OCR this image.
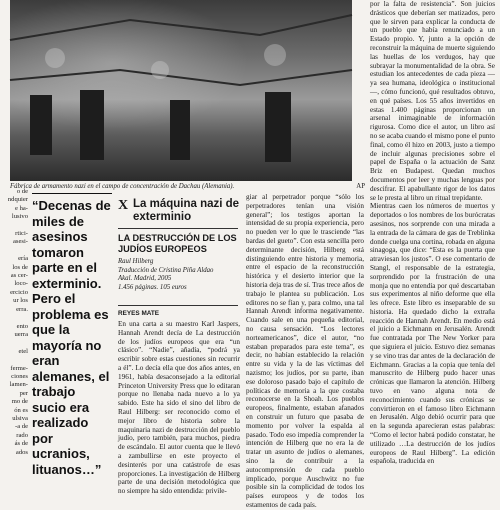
o de
ndquier
e ha-
lusivo

rtici-
asesi-

ería
los de
as cer-
loco-
ercicio
ur los
erra.

ento
uerra

etel

ferme-
ciones
lamen-
per
mo de
ón es
ulsiva
-a de
rado
ás de
ados
Fábrica de armamento nazi en el campo de concentración de Dachau (Alemania).	AP
“Decenas de miles de asesinos tomaron parte en el exterminio. Pero el problema es que la mayoría no eran alemanes, el trabajo sucio era realizado por ucranios, lituanos…”
X La máquina nazi de exterminio
LA DESTRUCCIÓN DE LOS JUDÍOS EUROPEOS
Raul Hilberg
Traducción de Cristina Piña Aldao
Akal. Madrid, 2005
1.456 páginas. 105 euros
REYES MATE

En una carta a su maestro Karl Jaspers, Hannah Arendt decía de La destrucción de los judíos europeos que era “un clásico”. “Nadie”, añadía, “podrá ya escribir sobre estas cuestiones sin recurrir a él”. Lo decía ella que dos años antes, en 1961, había desaconsejado a la editorial Princeton University Press que lo editaran porque no llenaba nada nuevo a lo ya sabido. Este ha sido el sino del libro de Raul Hilberg: ser reconocido como el mejor libro de historia sobre la maquinaria nazi de destrucción del pueblo judío, pero también, para muchos, piedra de escándalo. El autor cuenta que le llevó a zambullirse en este proyecto el desinterés por una catástrofe de esas proporciones. La investigación de Hilberg parte de una decisión metodológica que no siempre ha sido entendida: privile-

giar al perpetrador porque “sólo los perpetradores tenían una visión general”; los testigos aportan la intensidad de su propia experiencia, pero no pueden ver lo que le trasciende “las bardas del gueto”. Con esta sencilla pero determinante decisión, Hilberg está distinguiendo entre historia y memoria, entre el espacio de la reconstrucción histórica y el desierto interior que la historia deja tras de sí. Tras trece años de trabajo le plantea su publicación. Los editores no se fían y, para colmo, una tal Hannah Arendt informa negativamente. Cuando sale en una pequeña editorial, no causa sensación. “Los lectores norteamericanos”, dice el autor, “no estaban preparados para este tema”, es decir, no habían establecido la relación entre su vida y la de las víctimas del nazismo; los judíos, por su parte, iban ese doloroso pasado bajo el capítulo de políticas de memoria a la que costaba reconocerse en la Shoah. Los pueblos europeos, finalmente, estaban afanados en construir un futuro que pasaba de momento por volver la espalda al pasado. Todo eso impedía comprender la intención de Hilberg que no era la de tratar un asunto de judíos o alemanes, sino la de contribuir a la autocomprensión de cada pueblo implicado, porque Auschwitz no fue posible sin la complicidad de todos los países europeos y de todos los estamentos de cada país.

por la falta de resistencia”. Son juicios drásticos que deberían ser matizados, pero que le sirven para explicar la conducta de un pueblo que había renunciado a un Estado propio. Y, junto a la opción de reconstruir la máquina de muerte siguiendo las huellas de los verdugos, hay que subrayar la monumentalidad de la obra. Se estudian los antecedentes de cada pieza —ya sea humana, ideológica o institucional—, cómo funcionó, qué resultados obtuvo, en qué países. Los 55 años invertidos en estas 1.400 páginas proporcionan un arsenal inimaginable de información rigurosa. Como dice el autor, un libro así no se acaba cuando el mismo pone el punto final, como él hizo en 2003, justo a tiempo de incluir algunas precisiones sobre el papel de España o la actuación de Sanz Briz en Budapest. Quedan muchos documentos por leer y muchas lenguas por descifrar. El apabullante rigor de los datos se le presta al libro un ritual trepidante.

Mientras caen los números de muertos y deportados o los nombres de los burócratas asesinos, nos sorprende con una mirada a la entrada de la cámara de gas de Treblinka donde cuelga una cortina, robada en alguna sinagoga, que dice: “Esta es la puerta que atraviesan los justos”. O ese comentario de Stangl, el responsable de la estrategia, sorprendido por la frustración de una monja que no entendía por qué descartaban sus experimentos al niño deforme que ella les ofrece. Este libro es inseparable de su historia. Ha quedado dicho la extraña reacción de Hannah Arendt. En medio está el juicio a Eichmann en Jerusalén. Arendt fue contratada por The New Yorker para que siguiera el juicio. Estuvo diez semanas y se vino tras dar antes de la declaración de Eichmann. Gracias a la copia que tenía del manuscrito de Hilberg pudo hacer unas crónicas que llamaron la atención. Hilberg tuvo en vano alguna nota de reconocimiento cuando sus crónicas se convirtieron en el famoso libro Eichmann en Jerusalén. Algo debió ocurrir para que en la segunda aparecieran estas palabras: “Como el lector habrá podido constatar, he utilizado …La destrucción de los judíos europeos de Raul Hilberg”. La edición española, traducida en
